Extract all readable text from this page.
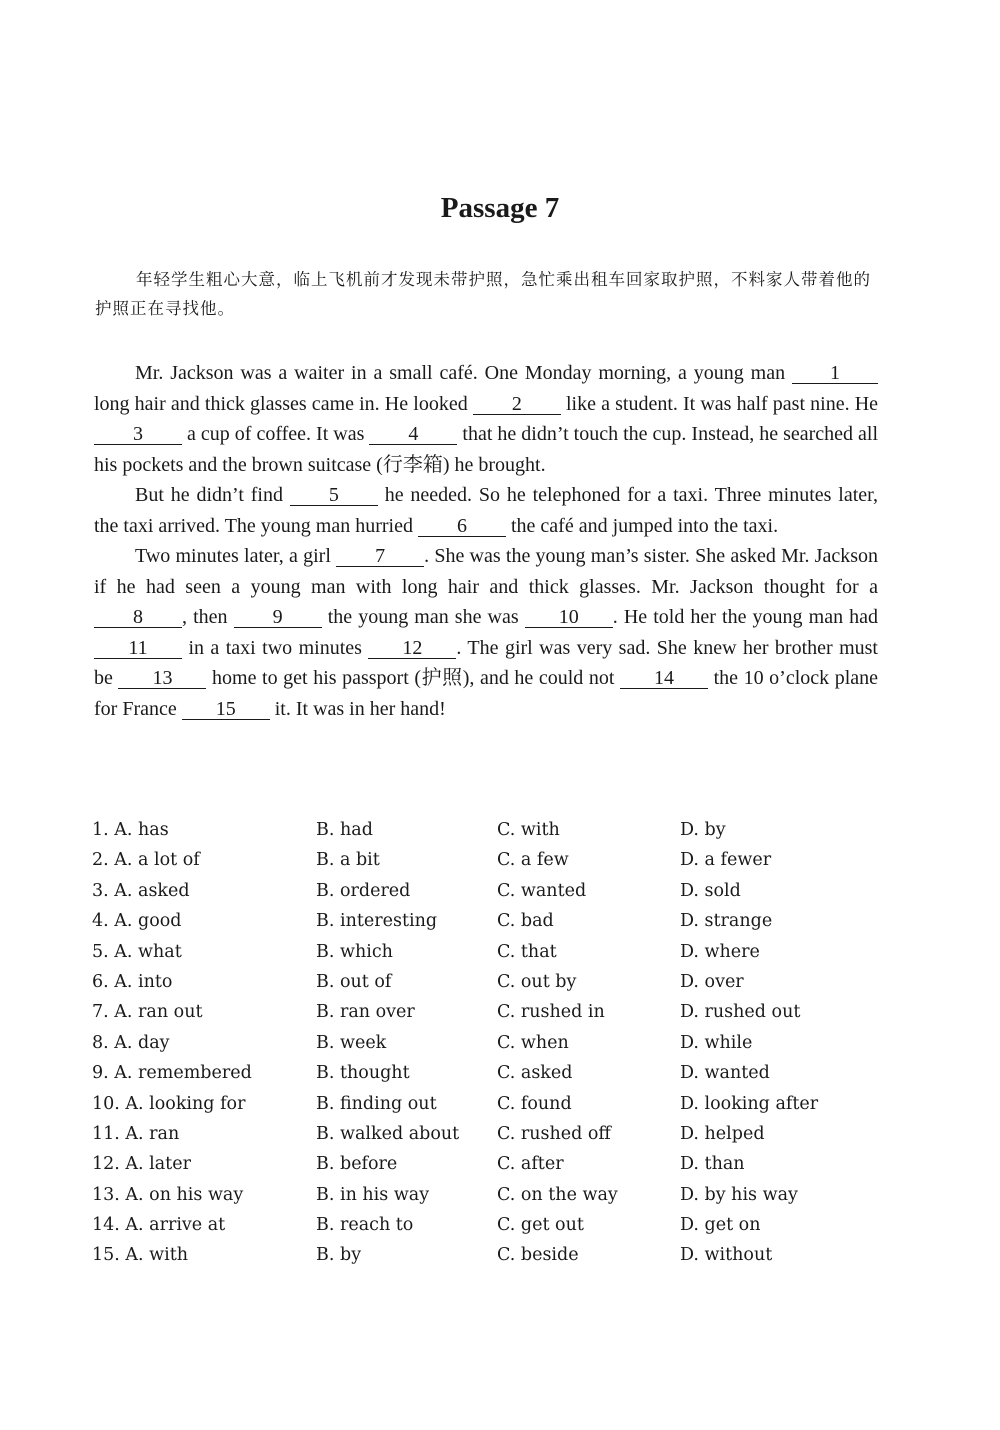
Passage 7

年轻学生粗心大意，临上飞机前才发现未带护照，急忙乘出租车回家取护照，不料家人带着他的护照正在寻找他。

Mr. Jackson was a waiter in a small café. One Monday morning, a young man 1 long hair and thick glasses came in. He looked 2 like a student. It was half past nine. He 3 a cup of coffee. It was 4 that he didn’t touch the cup. Instead, he searched all his pockets and the brown suitcase (行李箱) he brought.

But he didn’t find 5 he needed. So he telephoned for a taxi. Three minutes later, the taxi arrived. The young man hurried 6 the café and jumped into the taxi.

Two minutes later, a girl 7 . She was the young man’s sister. She asked Mr. Jackson if he had seen a young man with long hair and thick glasses. Mr. Jackson thought for a 8 , then 9 the young man she was 10 . He told her the young man had 11 in a taxi two minutes 12 . The girl was very sad. She knew her brother must be 13 home to get his passport (护照), and he could not 14 the 10 o’clock plane for France 15 it. It was in her hand!

1. A. has	B. had	C. with	D. by
2. A. a lot of	B. a bit	C. a few	D. a fewer
3. A. asked	B. ordered	C. wanted	D. sold
4. A. good	B. interesting	C. bad	D. strange
5. A. what	B. which	C. that	D. where
6. A. into	B. out of	C. out by	D. over
7. A. ran out	B. ran over	C. rushed in	D. rushed out
8. A. day	B. week	C. when	D. while
9. A. remembered	B. thought	C. asked	D. wanted
10. A. looking for	B. finding out	C. found	D. looking after
11. A. ran	B. walked about C. rushed off	D. helped
12. A. later	B. before	C. after	D. than
13. A. on his way	B. in his way	C. on the way	D. by his way
14. A. arrive at	B. reach to	C. get out	D. get on
15. A. with	B. by	C. beside	D. without
